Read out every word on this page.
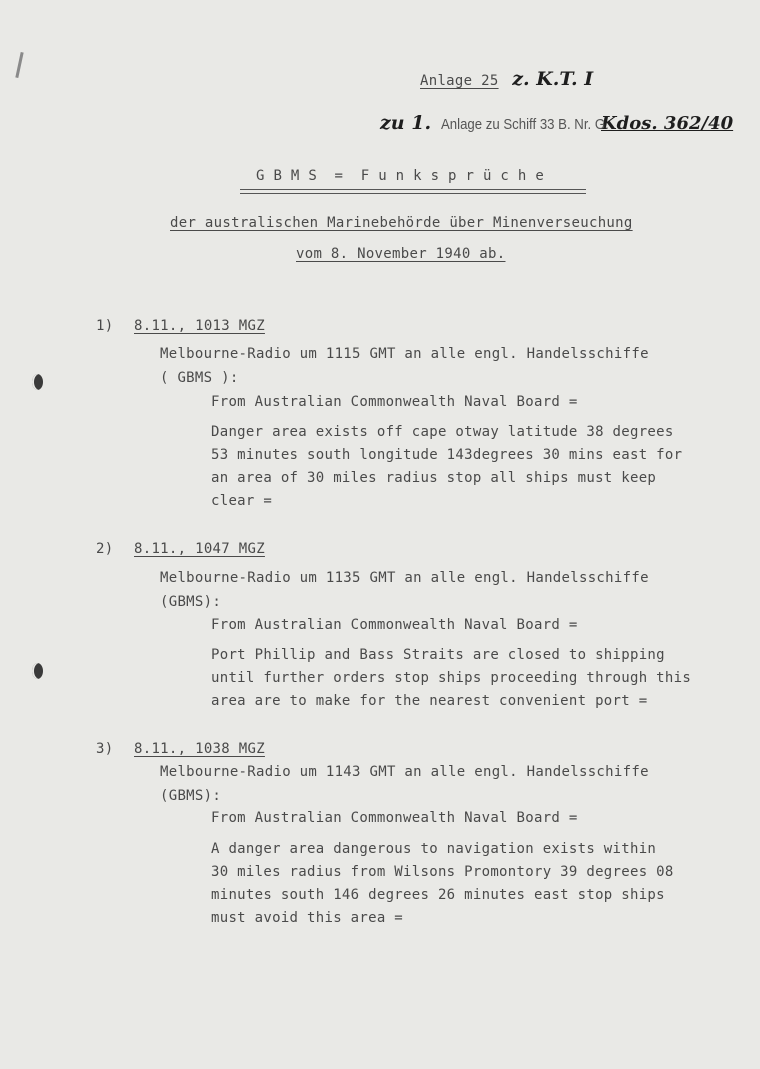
Anlage 25 z. K.T. I
zu 1. Anlage zu Schiff 33 B. Nr. G. Kdos. 362/40
G B M S  =  F u n k s p r ü c h e
der australischen Marinebehörde über Minenverseuchung
vom 8. November 1940 ab.
1) 8.11., 1013 MGZ
Melbourne-Radio um 1115 GMT an alle engl. Handelsschiffe
( GBMS ):
From Australian Commonwealth Naval Board =
Danger area exists off cape otway latitude 38 degrees
53 minutes south longitude 143degrees 30 mins east for
an area of 30 miles radius stop all ships must keep
clear =
2) 8.11., 1047 MGZ
Melbourne-Radio um 1135 GMT an alle engl. Handelsschiffe
(GBMS):
From Australian Commonwealth Naval Board =
Port Phillip and Bass Straits are closed to shipping
until further orders stop ships proceeding through this
area are to make for the nearest convenient port =
3) 8.11., 1038 MGZ
Melbourne-Radio um 1143 GMT an alle engl. Handelsschiffe
(GBMS):
From Australian Commonwealth Naval Board =
A danger area dangerous to navigation exists within
30 miles radius from Wilsons Promontory 39 degrees 08
minutes south 146 degrees 26 minutes east stop ships
must avoid this area =
